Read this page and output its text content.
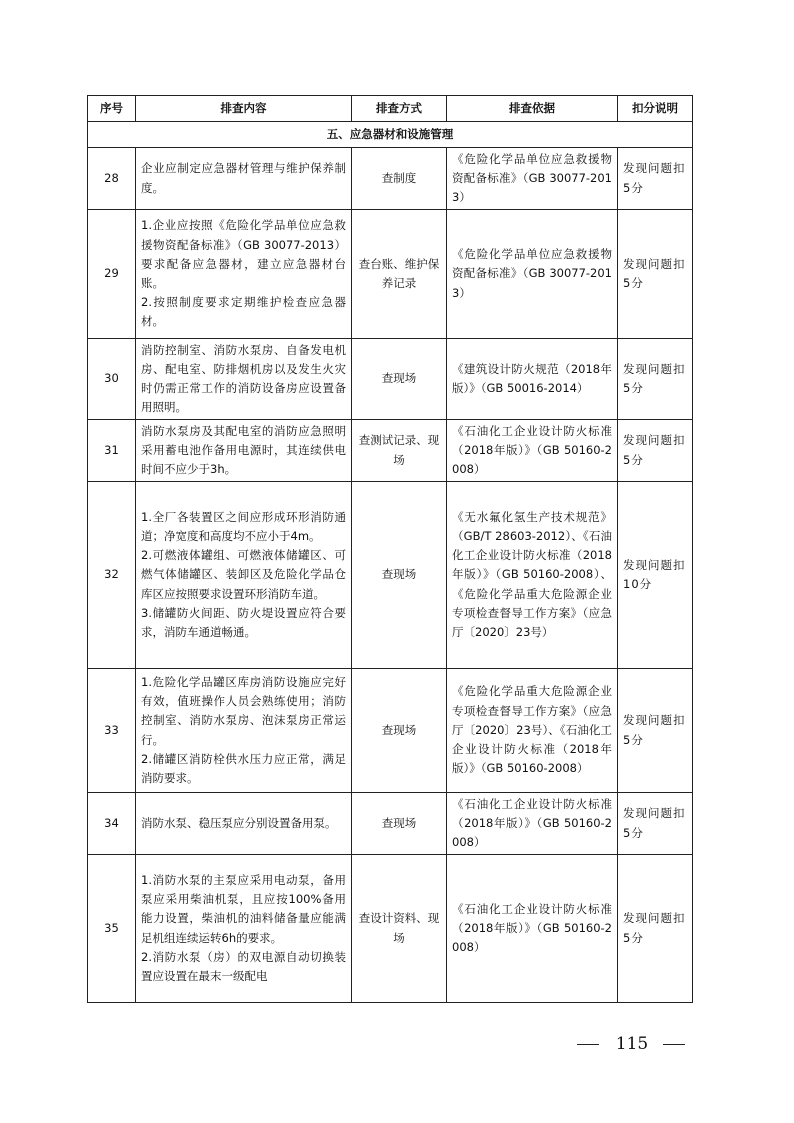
序号	排查内容	排查方式	排查依据	扣分说明
五、应急器材和设施管理				
28	企业应制定应急器材管理与维护保养制度。	查制度	《危险化学品单位应急救援物资配备标准》（GB 30077-2013）	发现问题扣5分
29	1.企业应按照《危险化学品单位应急救援物资配备标准》（GB 30077-2013）要求配备应急器材，建立应急器材台账。
2.按照制度要求定期维护检查应急器材。	查台账、维护保养记录	《危险化学品单位应急救援物资配备标准》（GB 30077-2013）	发现问题扣5分
30	消防控制室、消防水泵房、自备发电机房、配电室、防排烟机房以及发生火灾时仍需正常工作的消防设备房应设置备用照明。	查现场	《建筑设计防火规范（2018年版）》（GB 50016-2014）	发现问题扣5分
31	消防水泵房及其配电室的消防应急照明采用蓄电池作备用电源时，其连续供电时间不应少于3h。	查测试记录、现场	《石油化工企业设计防火标准（2018年版）》（GB 50160-2008）	发现问题扣5分
32	1.全厂各装置区之间应形成环形消防通道；净宽度和高度均不应小于4m。
2.可燃液体罐组、可燃液体储罐区、可燃气体储罐区、装卸区及危险化学品仓库区应按照要求设置环形消防车道。
3.储罐防火间距、防火堤设置应符合要求，消防车通道畅通。	查现场	《无水氟化氢生产技术规范》（GB/T 28603-2012）、《石油化工企业设计防火标准（2018年版）》（GB 50160-2008）、《危险化学品重大危险源企业专项检查督导工作方案》（应急厅〔2020〕23号）	发现问题扣10分
33	1.危险化学品罐区库房消防设施应完好有效，值班操作人员会熟练使用；消防控制室、消防水泵房、泡沫泵房正常运行。
2.储罐区消防栓供水压力应正常，满足消防要求。	查现场	《危险化学品重大危险源企业专项检查督导工作方案》（应急厅〔2020〕23号）、《石油化工企业设计防火标准（2018年版）》（GB 50160-2008）	发现问题扣5分
34	消防水泵、稳压泵应分别设置备用泵。	查现场	《石油化工企业设计防火标准（2018年版）》（GB 50160-2008）	发现问题扣5分
35	1.消防水泵的主泵应采用电动泵，备用泵应采用柴油机泵，且应按100%备用能力设置，柴油机的油料储备量应能满足机组连续运转6h的要求。
2.消防水泵（房）的双电源自动切换装置应设置在最末一级配电	查设计资料、现场	《石油化工企业设计防火标准（2018年版）》（GB 50160-2008）	发现问题扣5分
115
